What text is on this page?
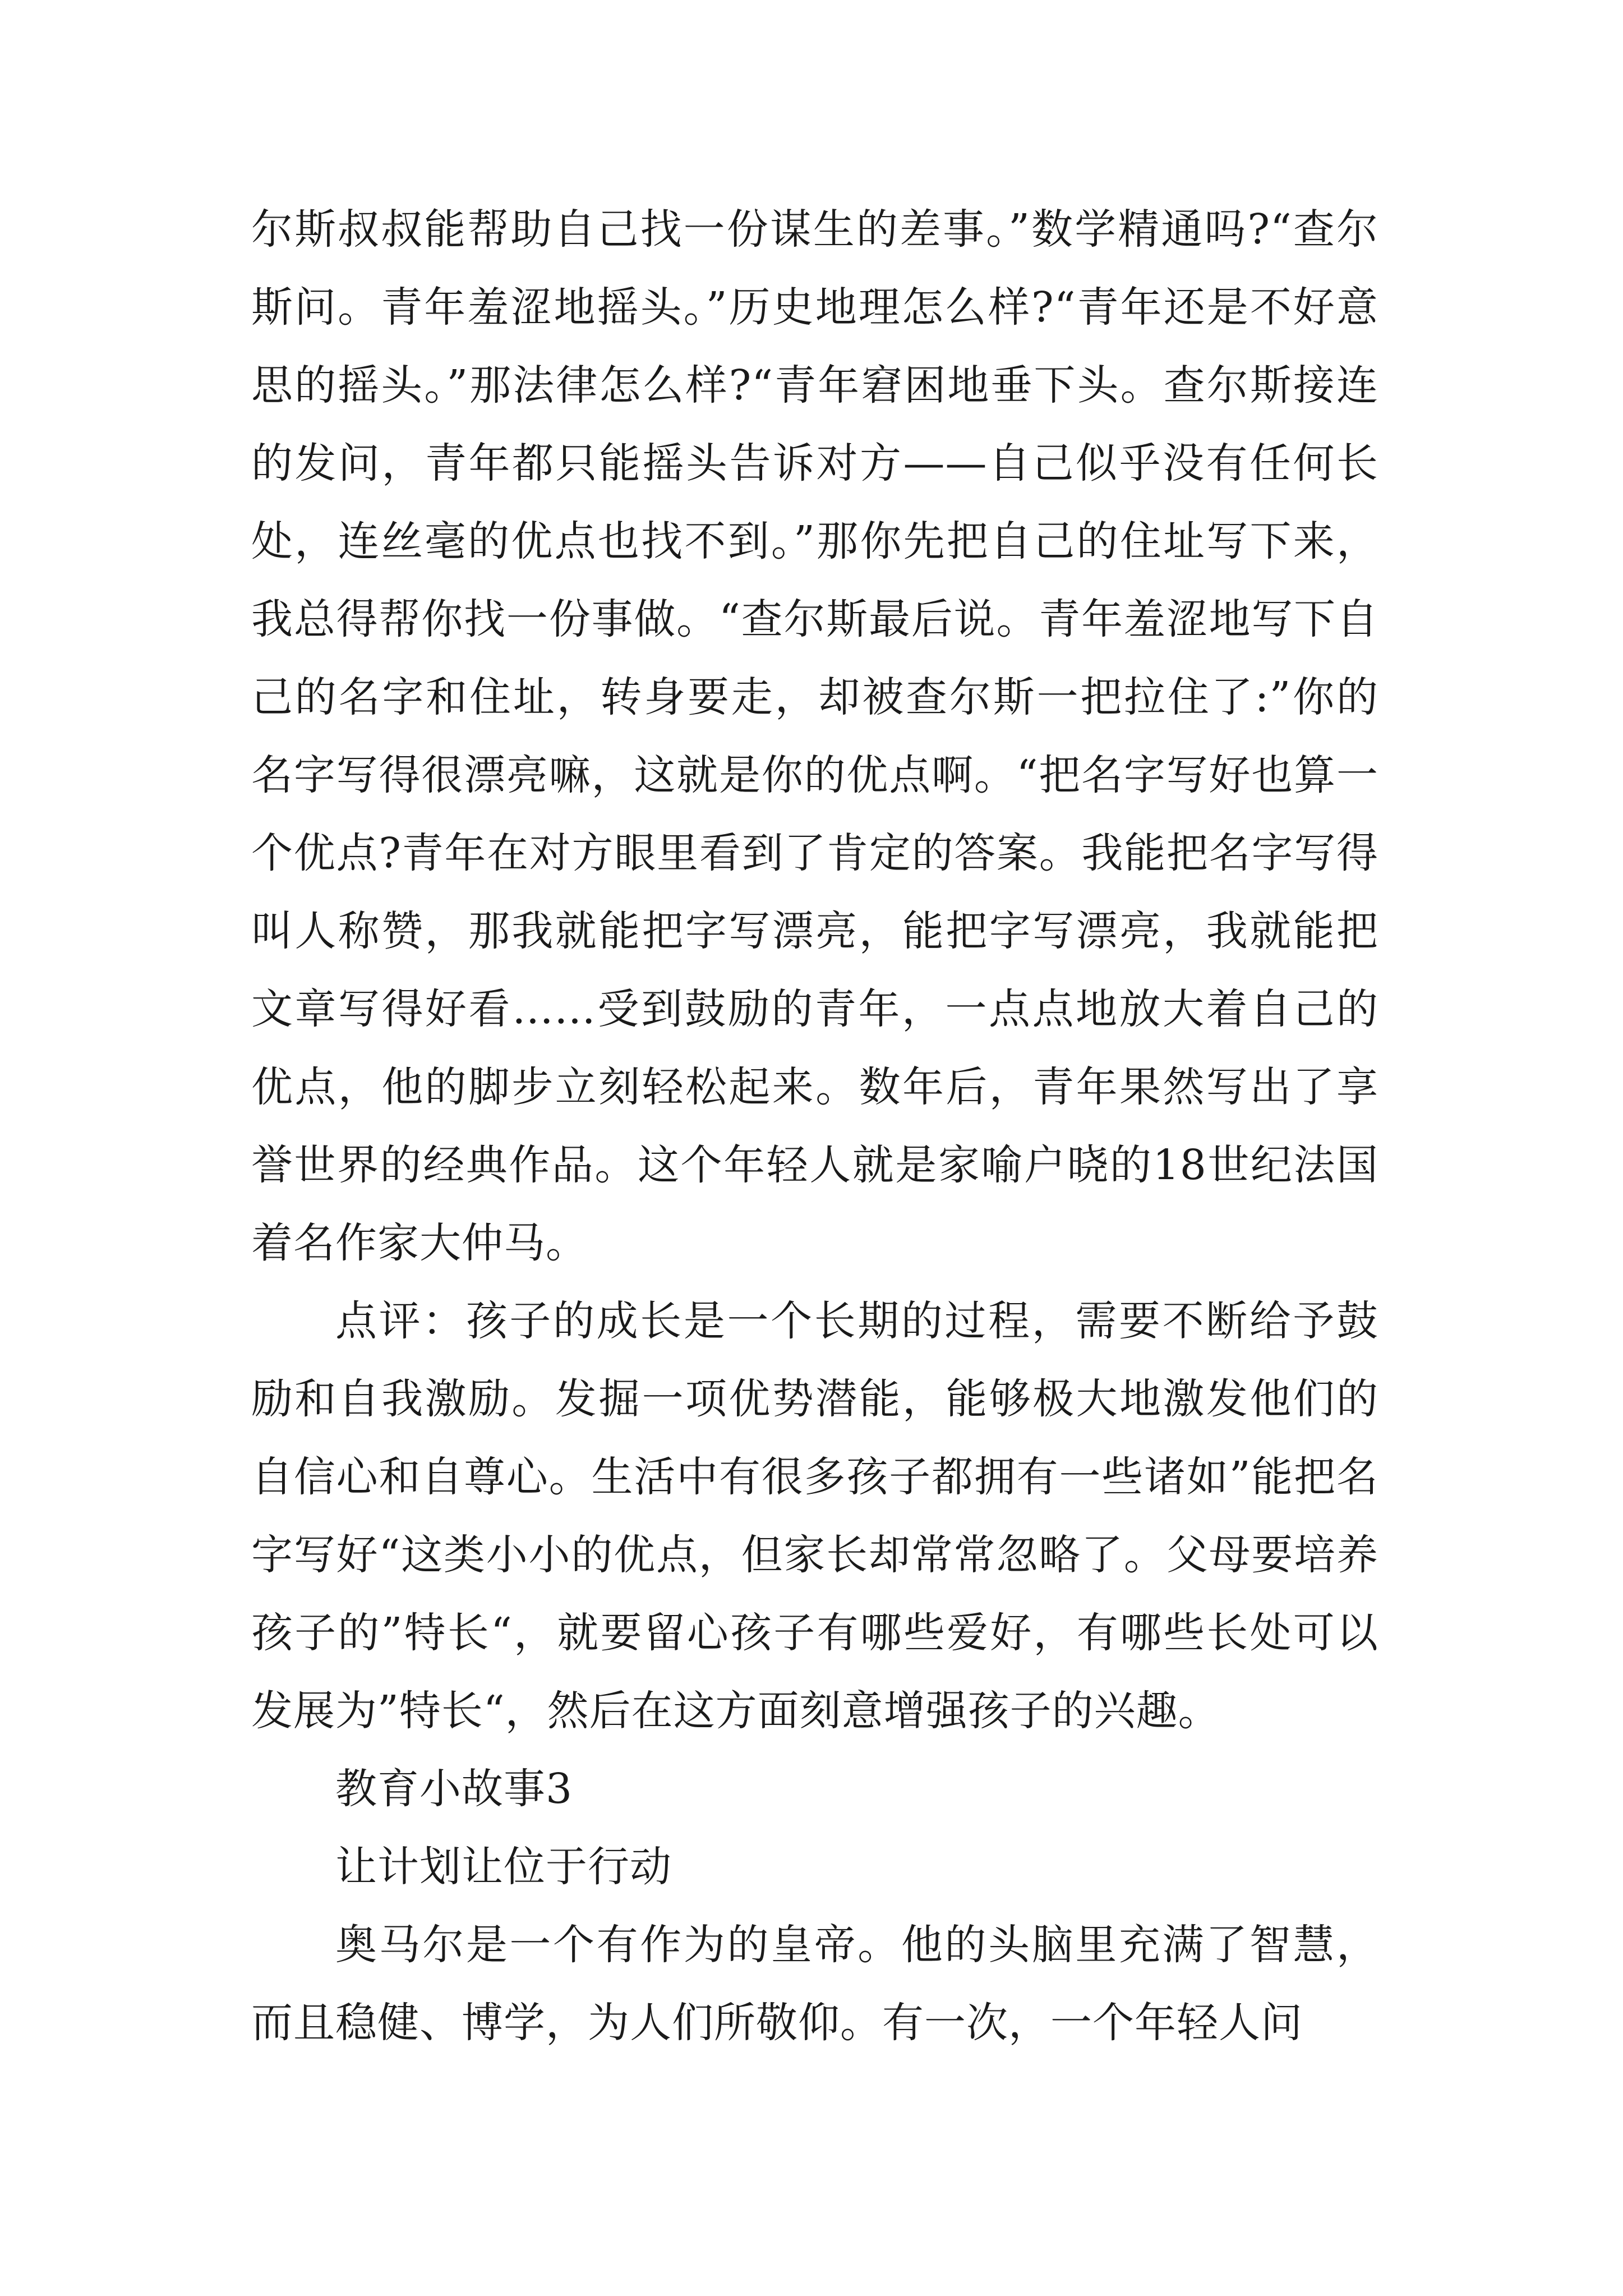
尔斯叔叔能帮助自己找一份谋生的差事。”数学精通吗?“查尔斯问。青年羞涩地摇头。”历史地理怎么样?“青年还是不好意思的摇头。”那法律怎么样?“青年窘困地垂下头。查尔斯接连的发问，青年都只能摇头告诉对方——自己似乎没有任何长处，连丝毫的优点也找不到。”那你先把自己的住址写下来，我总得帮你找一份事做。“查尔斯最后说。青年羞涩地写下自己的名字和住址，转身要走，却被查尔斯一把拉住了:”你的名字写得很漂亮嘛，这就是你的优点啊。“把名字写好也算一个优点?青年在对方眼里看到了肯定的答案。我能把名字写得叫人称赞，那我就能把字写漂亮，能把字写漂亮，我就能把文章写得好看……受到鼓励的青年，一点点地放大着自己的优点，他的脚步立刻轻松起来。数年后，青年果然写出了享誉世界的经典作品。这个年轻人就是家喻户晓的18世纪法国着名作家大仲马。

点评：孩子的成长是一个长期的过程，需要不断给予鼓励和自我激励。发掘一项优势潜能，能够极大地激发他们的自信心和自尊心。生活中有很多孩子都拥有一些诸如”能把名字写好“这类小小的优点，但家长却常常忽略了。父母要培养孩子的”特长“，就要留心孩子有哪些爱好，有哪些长处可以发展为”特长“，然后在这方面刻意增强孩子的兴趣。

教育小故事3

让计划让位于行动

奥马尔是一个有作为的皇帝。他的头脑里充满了智慧，而且稳健、博学，为人们所敬仰。有一次，一个年轻人问
